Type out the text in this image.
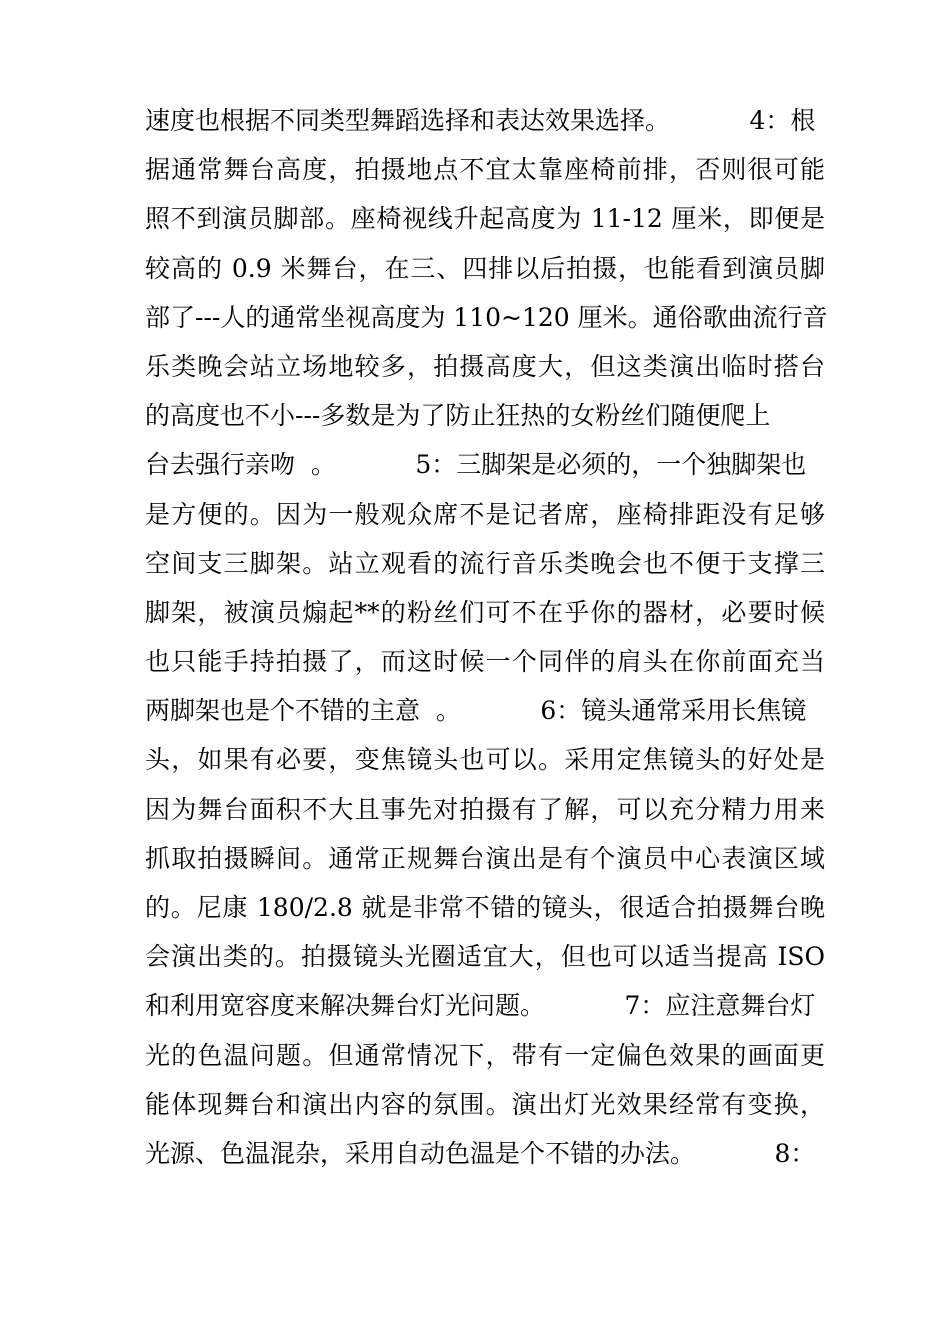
速度也根据不同类型舞蹈选择和表达效果选择。          4：根
据通常舞台高度，拍摄地点不宜太靠座椅前排，否则很可能
照不到演员脚部。座椅视线升起高度为 11-12 厘米，即便是
较高的 0.9 米舞台，在三、四排以后拍摄，也能看到演员脚
部了---人的通常坐视高度为 110~120 厘米。通俗歌曲流行音
乐类晚会站立场地较多，拍摄高度大，但这类演出临时搭台
的高度也不小---多数是为了防止狂热的女粉丝们随便爬上
台去强行亲吻  。          5：三脚架是必须的，一个独脚架也
是方便的。因为一般观众席不是记者席，座椅排距没有足够
空间支三脚架。站立观看的流行音乐类晚会也不便于支撑三
脚架，被演员煽起**的粉丝们可不在乎你的器材，必要时候
也只能手持拍摄了，而这时候一个同伴的肩头在你前面充当
两脚架也是个不错的主意  。          6：镜头通常采用长焦镜
头，如果有必要，变焦镜头也可以。采用定焦镜头的好处是
因为舞台面积不大且事先对拍摄有了解，可以充分精力用来
抓取拍摄瞬间。通常正规舞台演出是有个演员中心表演区域
的。尼康 180/2.8 就是非常不错的镜头，很适合拍摄舞台晚
会演出类的。拍摄镜头光圈适宜大，但也可以适当提高 ISO
和利用宽容度来解决舞台灯光问题。          7：应注意舞台灯
光的色温问题。但通常情况下，带有一定偏色效果的画面更
能体现舞台和演出内容的氛围。演出灯光效果经常有变换，
光源、色温混杂，采用自动色温是个不错的办法。          8：
